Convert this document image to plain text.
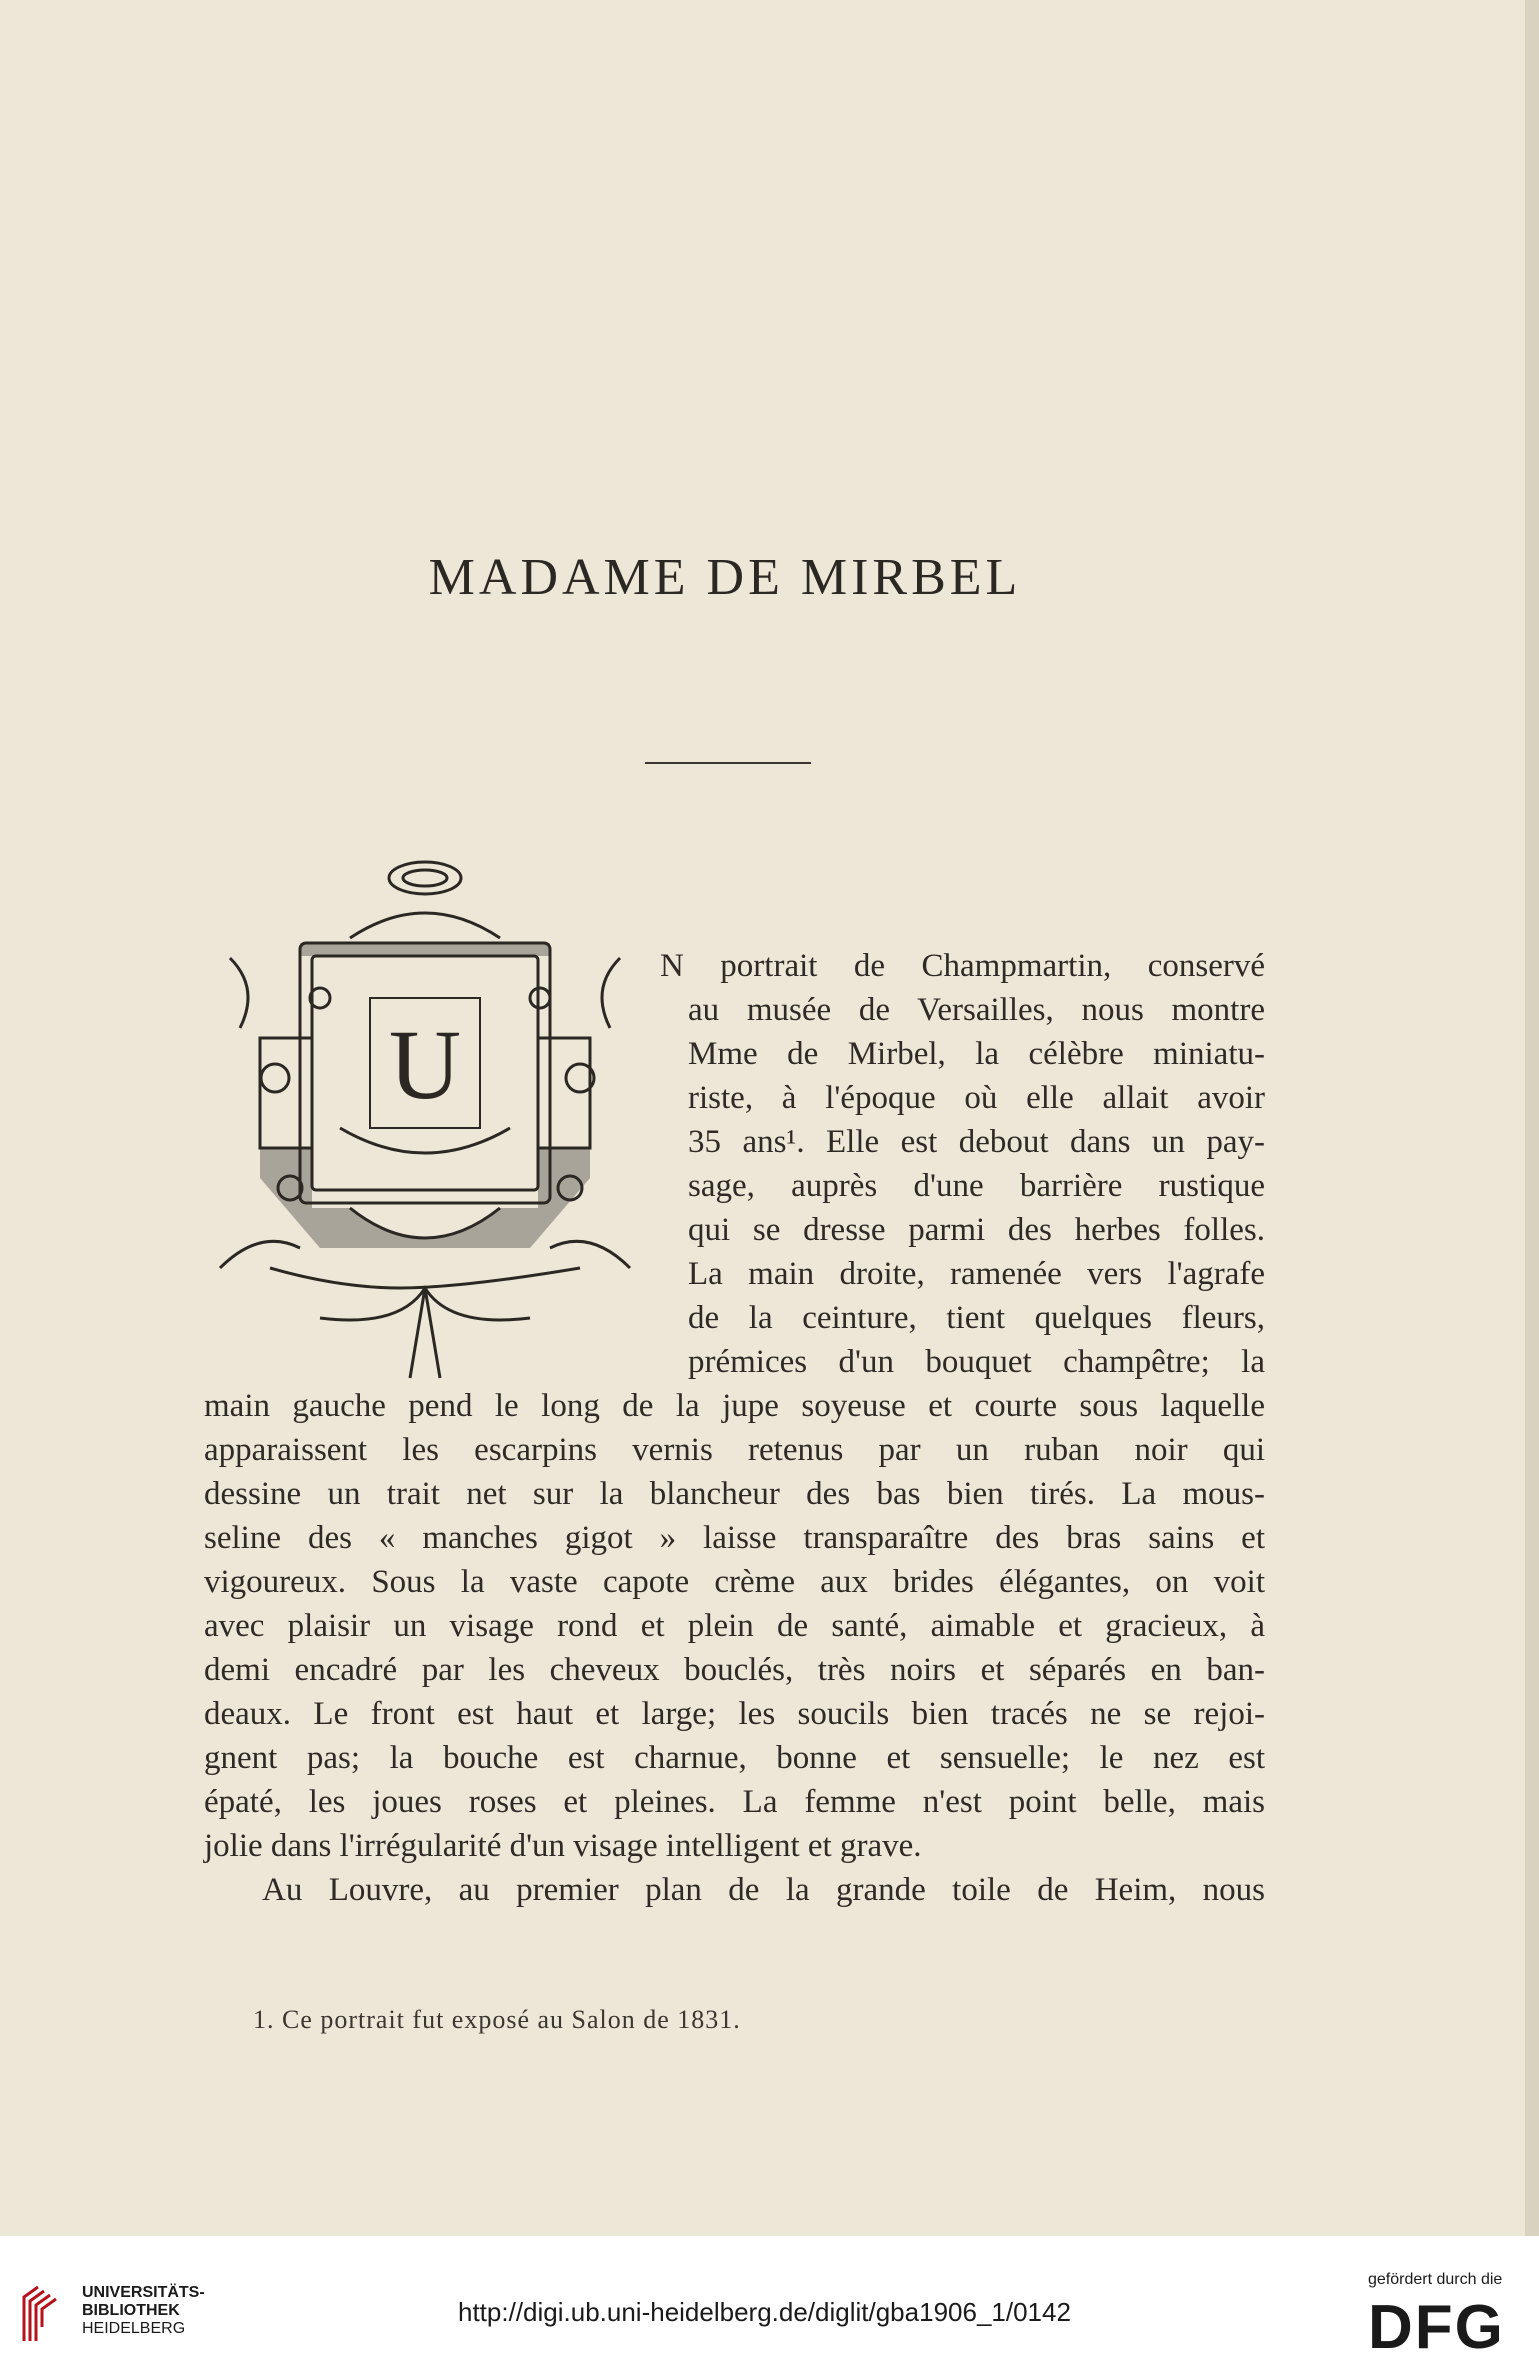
MADAME DE MIRBEL
U
N portrait de Champmartin, conservé
au musée de Versailles, nous montre
Mme de Mirbel, la célèbre miniatu-
riste, à l'époque où elle allait avoir
35 ans¹. Elle est debout dans un pay-
sage, auprès d'une barrière rustique
qui se dresse parmi des herbes folles.
La main droite, ramenée vers l'agrafe
de la ceinture, tient quelques fleurs,
prémices d'un bouquet champêtre; la
main gauche pend le long de la jupe soyeuse et courte sous laquelle
apparaissent les escarpins vernis retenus par un ruban noir qui
dessine un trait net sur la blancheur des bas bien tirés. La mous-
seline des « manches gigot » laisse transparaître des bras sains et
vigoureux. Sous la vaste capote crème aux brides élégantes, on voit
avec plaisir un visage rond et plein de santé, aimable et gracieux, à
demi encadré par les cheveux bouclés, très noirs et séparés en ban-
deaux. Le front est haut et large; les soucils bien tracés ne se rejoi-
gnent pas; la bouche est charnue, bonne et sensuelle; le nez est
épaté, les joues roses et pleines. La femme n'est point belle, mais
jolie dans l'irrégularité d'un visage intelligent et grave.
Au Louvre, au premier plan de la grande toile de Heim, nous
1. Ce portrait fut exposé au Salon de 1831.
UNIVERSITÄTS-
BIBLIOTHEK
HEIDELBERG
http://digi.ub.uni-heidelberg.de/diglit/gba1906_1/0142
gefördert durch die
DFG
